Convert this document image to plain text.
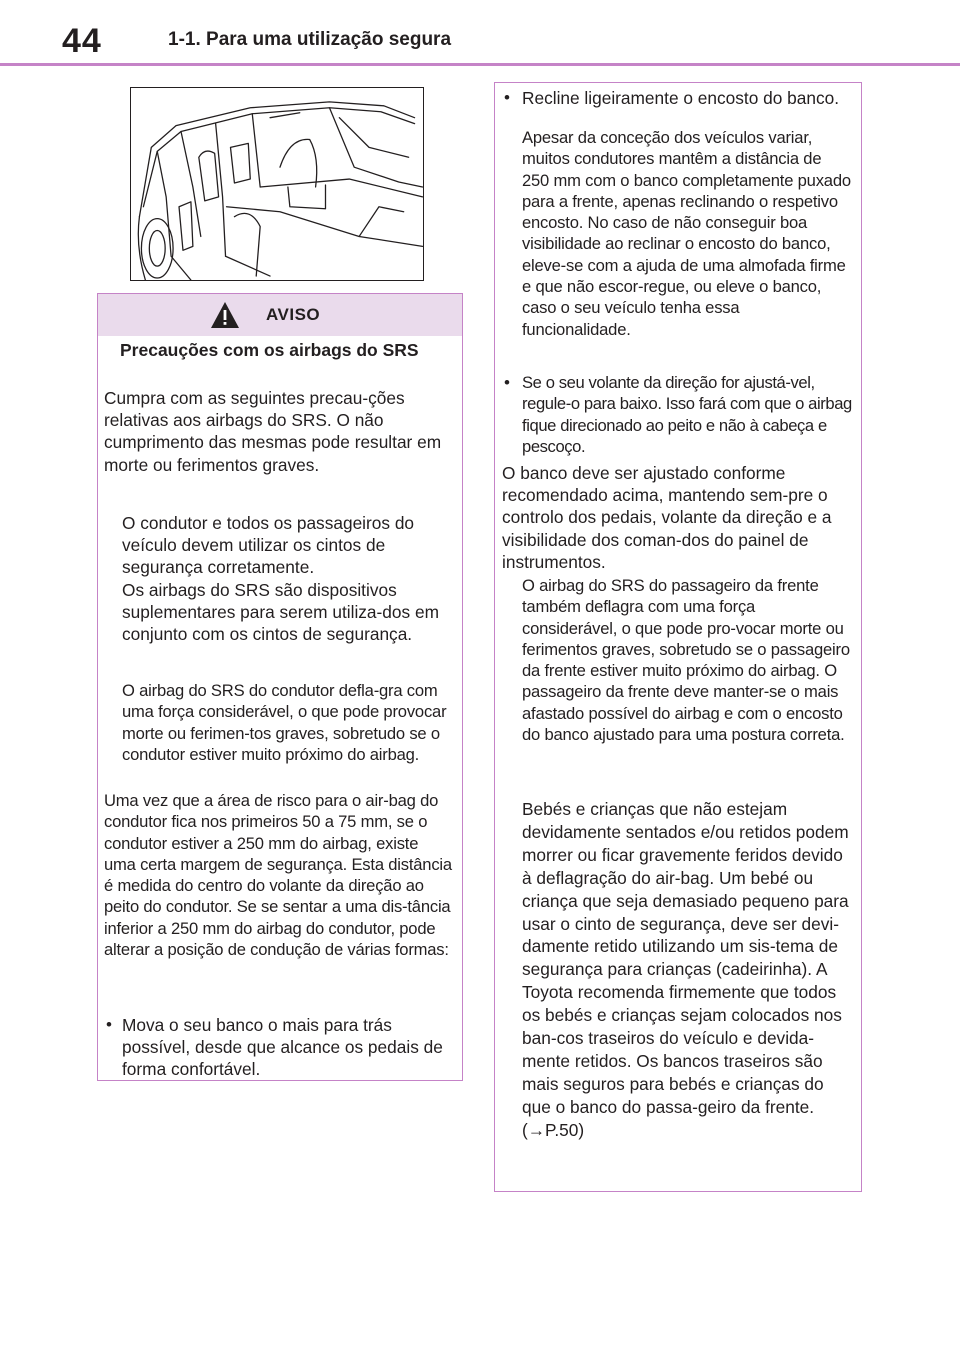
44	1-1. Para uma utilização segura
AVISO

Precauções com os airbags do SRS

Cumpra com as seguintes precau-ções relativas aos airbags do SRS. O não cumprimento das mesmas pode resultar em morte ou ferimentos graves.

O condutor e todos os passageiros do veículo devem utilizar os cintos de segurança corretamente.

Os airbags do SRS são dispositivos suplementares para serem utiliza-dos em conjunto com os cintos de segurança.

O airbag do SRS do condutor defla-gra com uma força considerável, o que pode provocar morte ou ferimen-tos graves, sobretudo se o condutor estiver muito próximo do airbag.

Uma vez que a área de risco para o air-bag do condutor fica nos primeiros 50 a 75 mm, se o condutor estiver a 250 mm do airbag, existe uma certa margem de segurança. Esta distância é medida do centro do volante da direção ao peito do condutor. Se se sentar a uma dis-tância inferior a 250 mm do airbag do condutor, pode alterar a posição de condução de várias formas:

• Mova o seu banco o mais para trás possível, desde que alcance os pedais de forma confortável.

• Recline ligeiramente o encosto do banco.

Apesar da conceção dos veículos variar, muitos condutores mantêm a distância de 250 mm com o banco completamente puxado para a frente, apenas reclinando o respetivo encosto. No caso de não conseguir boa visibilidade ao reclinar o encosto do banco, eleve-se com a ajuda de uma almofada firme e que não escor-regue, ou eleve o banco, caso o seu veículo tenha essa funcionalidade.

• Se o seu volante da direção for ajustá-vel, regule-o para baixo. Isso fará com que o airbag fique direcionado ao peito e não à cabeça e pescoço.

O banco deve ser ajustado conforme recomendado acima, mantendo sem-pre o controlo dos pedais, volante da direção e a visibilidade dos coman-dos do painel de instrumentos.

O airbag do SRS do passageiro da frente também deflagra com uma força considerável, o que pode pro-vocar morte ou ferimentos graves, sobretudo se o passageiro da frente estiver muito próximo do airbag. O passageiro da frente deve manter-se o mais afastado possível do airbag e com o encosto do banco ajustado para uma postura correta.

Bebés e crianças que não estejam devidamente sentados e/ou retidos podem morrer ou ficar gravemente feridos devido à deflagração do air-bag. Um bebé ou criança que seja demasiado pequeno para usar o cinto de segurança, deve ser devi-damente retido utilizando um sis-tema de segurança para crianças (cadeirinha). A Toyota recomenda firmemente que todos os bebés e crianças sejam colocados nos ban-cos traseiros do veículo e devida-mente retidos. Os bancos traseiros são mais seguros para bebés e crianças do que o banco do passa-geiro da frente. (→P.50)
